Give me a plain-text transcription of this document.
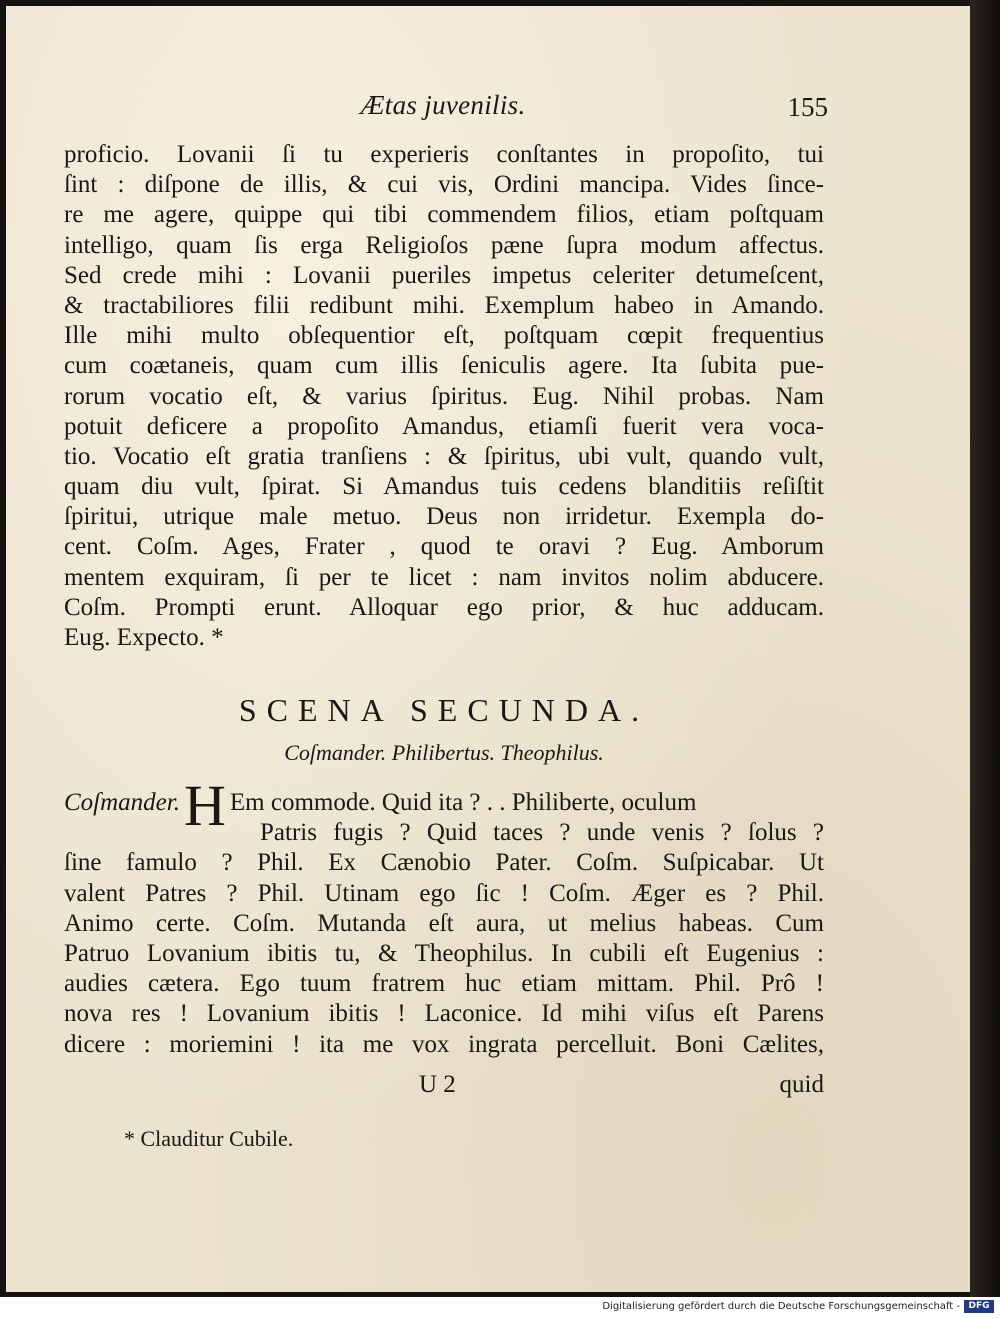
Ætas juvenilis.	155
proficio. Lovanii ſi tu experieris conſtantes in propoſito, tui
ſint : diſpone de illis, & cui vis, Ordini mancipa. Vides ſince-
re me agere, quippe qui tibi commendem filios, etiam poſtquam
intelligo, quam ſis erga Religioſos pæne ſupra modum affectus.
Sed crede mihi : Lovanii pueriles impetus celeriter detumeſcent,
& tractabiliores filii redibunt mihi. Exemplum habeo in Amando.
Ille mihi multo obſequentior eſt, poſtquam cœpit frequentius
cum coætaneis, quam cum illis ſeniculis agere. Ita ſubita pue-
rorum vocatio eſt, & varius ſpiritus. Eug. Nihil probas. Nam
potuit deficere a propoſito Amandus, etiamſi fuerit vera voca-
tio. Vocatio eſt gratia tranſiens : & ſpiritus, ubi vult, quando vult,
quam diu vult, ſpirat. Si Amandus tuis cedens blanditiis reſiſtit
ſpiritui, utrique male metuo. Deus non irridetur. Exempla do-
cent. Coſm. Ages, Frater , quod te oravi ? Eug. Amborum
mentem exquiram, ſi per te licet : nam invitos nolim abducere.
Coſm. Prompti erunt. Alloquar ego prior, & huc adducam.
Eug. Expecto. *
SCENA SECUNDA.
Coſmander. Philibertus. Theophilus.
Coſmander.H Em commode. Quid ita ? . . Philiberte, oculum
Patris fugis ? Quid taces ? unde venis ? ſolus ?
ſine famulo ? Phil. Ex Cænobio Pater. Coſm. Suſpicabar. Ut
valent Patres ? Phil. Utinam ego ſic ! Coſm. Æger es ? Phil.
Animo certe. Coſm. Mutanda eſt aura, ut melius habeas. Cum
Patruo Lovanium ibitis tu, & Theophilus. In cubili eſt Eugenius :
audies cætera. Ego tuum fratrem huc etiam mittam. Phil. Prô !
nova res ! Lovanium ibitis ! Laconice. Id mihi viſus eſt Parens
dicere : moriemini ! ita me vox ingrata percelluit. Boni Cælites,
U 2	quid
* Clauditur Cubile.
Digitalisierung gefördert durch die Deutsche Forschungsgemeinschaft - DFG
